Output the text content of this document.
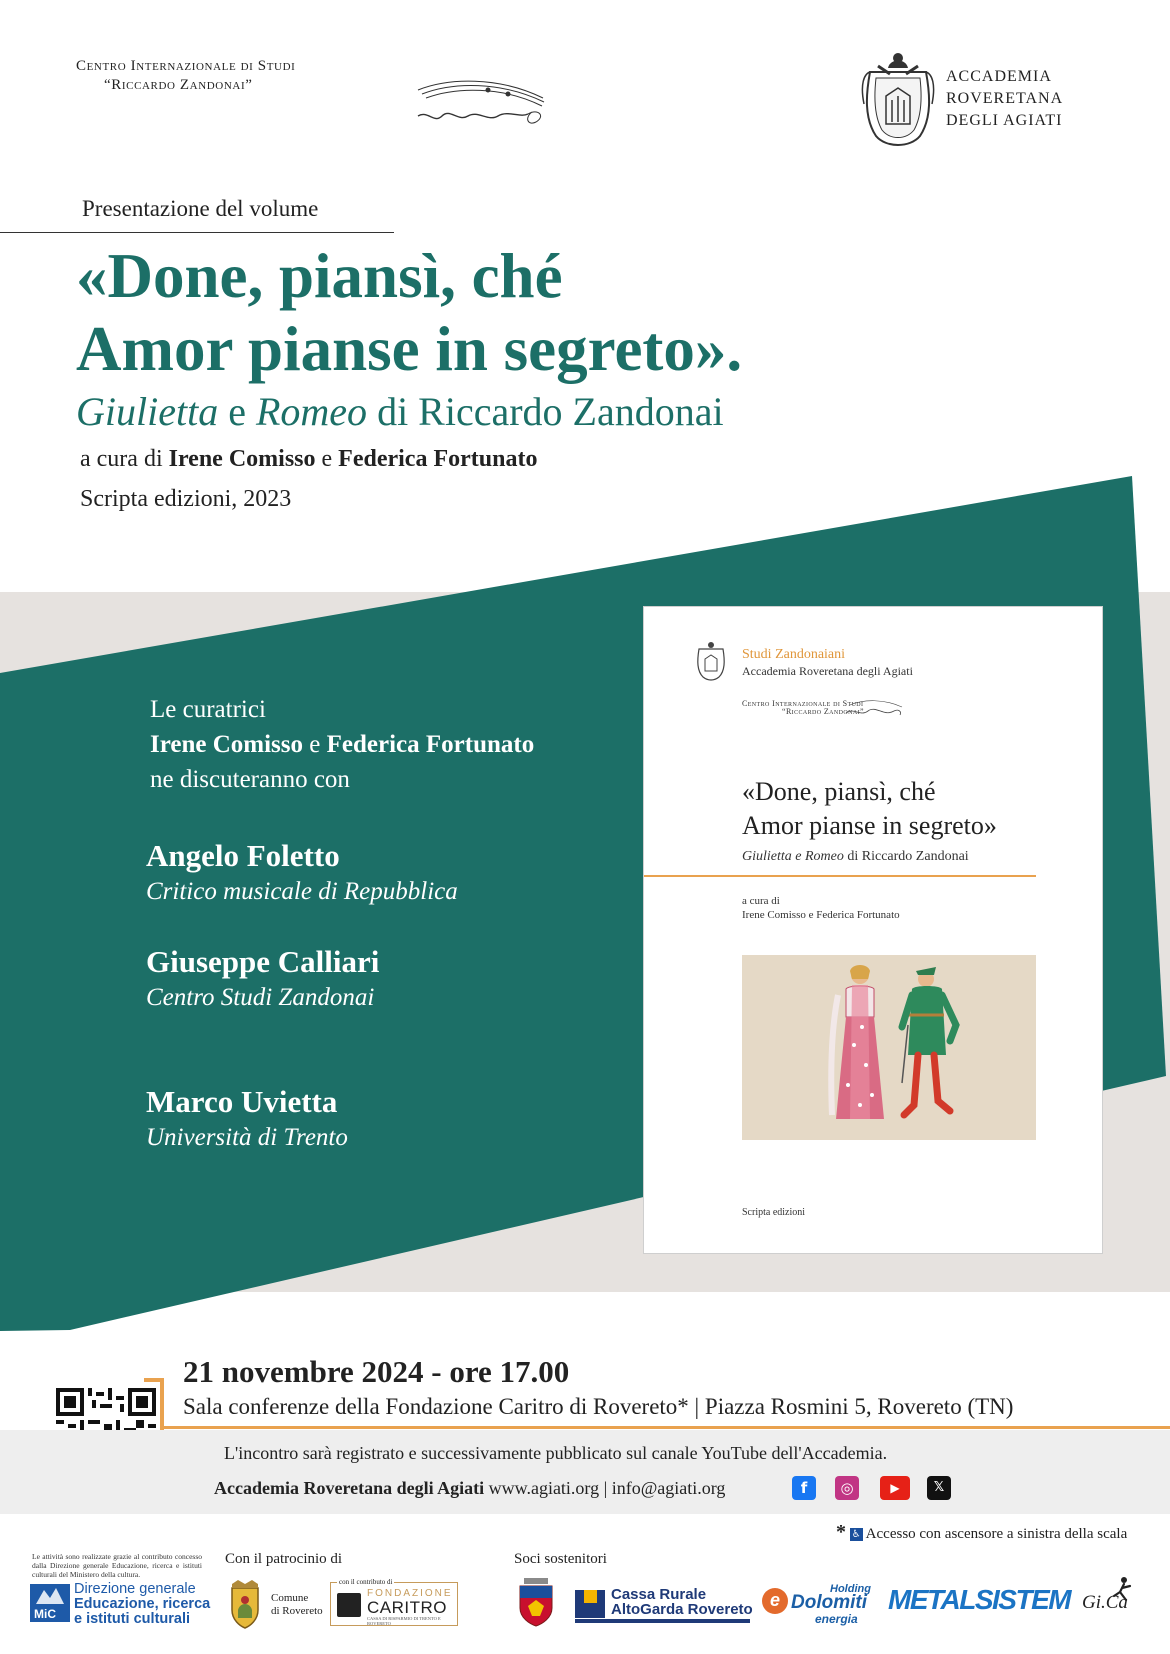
Centro Internazionale di Studi
“Riccardo Zandonai”	ACCADEMIA
ROVERETANA
DEGLI AGIATI
Presentazione del volume
«Done, piansì, ché
Amor pianse in segreto».
Giulietta e Romeo di Riccardo Zandonai
a cura di Irene Comisso e Federica Fortunato
Scripta edizioni, 2023
Le curatrici
Irene Comisso e Federica Fortunato
ne discuteranno con
Angelo Foletto
Critico musicale di Repubblica
Giuseppe Calliari
Centro Studi Zandonai
Marco Uvietta
Università di Trento
Studi Zandonaiani
Accademia Roveretana degli Agiati
Centro Internazionale di Studi
“Riccardo Zandonai”
«Done, piansì, ché
Amor pianse in segreto»
Giulietta e Romeo di Riccardo Zandonai
a cura di
Irene Comisso e Federica Fortunato
Scripta edizioni
21 novembre 2024 - ore 17.00
Sala conferenze della Fondazione Caritro di Rovereto* | Piazza Rosmini 5, Rovereto (TN)
L'incontro sarà registrato e successivamente pubblicato sul canale YouTube dell'Accademia.
Accademia Roveretana degli Agiati www.agiati.org | info@agiati.org	f	◎	▶	𝕏
* ♿ Accesso con ascensore a sinistra della scala
Le attività sono realizzate grazie al contributo concesso dalla Direzione generale Educazione, ricerca e istituti culturali del Ministero della cultura.
MiC
Direzione generale
Educazione, ricerca
e istituti culturali
Con il patrocinio di
Comune
di Rovereto
con il contributo di
FONDAZIONE
CARITRO
CASSA DI RISPARMIO DI TRENTO E ROVERETO
Soci sostenitori
Cassa Rurale
AltoGarda Rovereto e
Holding
Dolomiti
energia
METALSISTEM Gi.Ca
